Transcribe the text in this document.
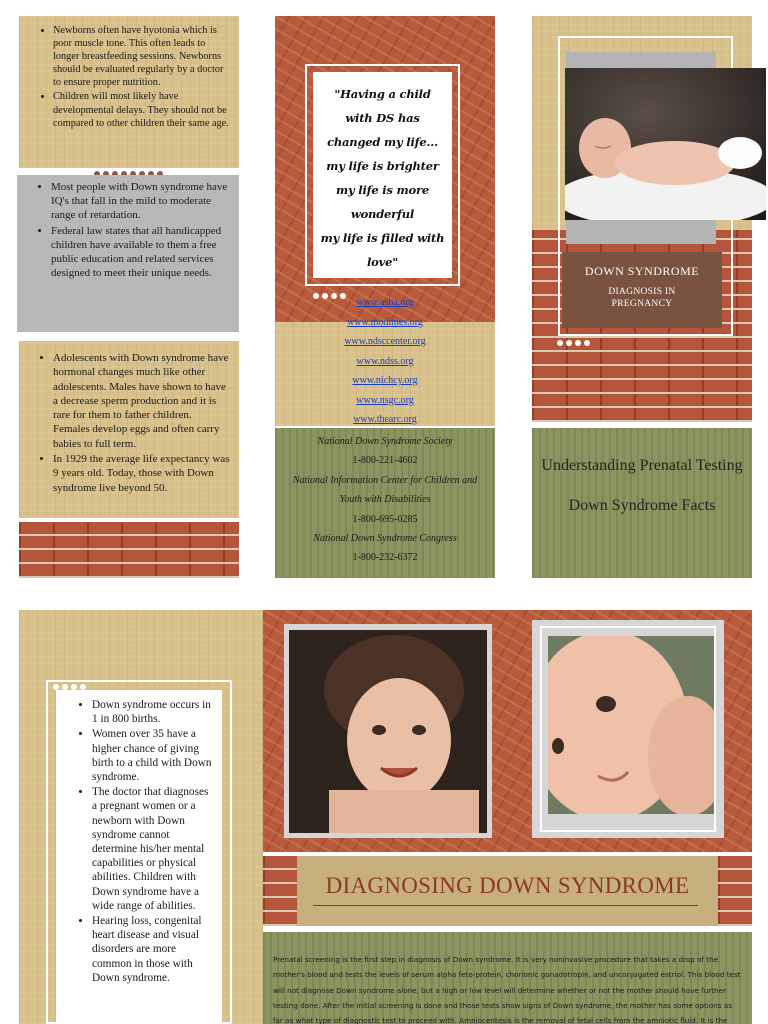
• Newborns often have hyotonia which is poor muscle tone. This often leads to longer breastfeeding sessions. Newborns should be evaluated regularly by a doctor to ensure proper nutrition.
• Children will most likely have developmental delays. They should not be compared to other children their same age.
• Most people with Down syndrome have IQ's that fall in the mild to moderate range of retardation.
• Federal law states that all handicapped children have available to them a free public education and related services designed to meet their unique needs.
• Adolescents with Down syndrome have hormonal changes much like other adolescents. Males have shown to have a decrease sperm production and it is rare for them to father children. Females develop eggs and often carry babies to full term.
• In 1929 the average life expectancy was 9 years old. Today, those with Down syndrome live beyond 50.
"Having a child with DS has changed my life...
my life is brighter
my life is more wonderful
my life is filled with love"
www.asha.org
www.modimes.org
www.ndsccenter.org
www.ndss.org
www.nichcy.org
www.nsgc.org
www.thearc.org
National Down Syndrome Society
1-800-221-4602
National Information Center for Children and Youth with Disabilities
1-800-695-0285
National Down Syndrome Congress
1-800-232-6372
DOWN SYNDROME
DIAGNOSIS IN PREGNANCY
Understanding Prenatal Testing
Down Syndrome Facts
• Down syndrome occurs in 1 in 800 births.
• Women over 35 have a higher chance of giving birth to a child with Down syndrome.
• The doctor that diagnoses a pregnant women or a newborn with Down syndrome cannot determine his/her mental capabilities or physical abilities. Children with Down syndrome have a wide range of abilities.
• Hearing loss, congenital heart disease and visual disorders are more common in those with Down syndrome.
DIAGNOSING DOWN SYNDROME

Prenatal screening is the first step in diagnosis of Down syndrome. It is very noninvasive procedure that takes a drop of the mother's blood and tests the levels of serum alpha feto-protein, chorionic gonadotropin, and unconjugated estriol. This blood test will not diagnose Down syndrome alone, but a high or low level will determine whether or not the mother should have further testing done. After the initial screening is done and those tests show signs of Down syndrome, the mother has some options as far as what type of diagnostic test to proceed with. Amniocentesis is the removal of fetal cells from the amniotic fluid. It is the
